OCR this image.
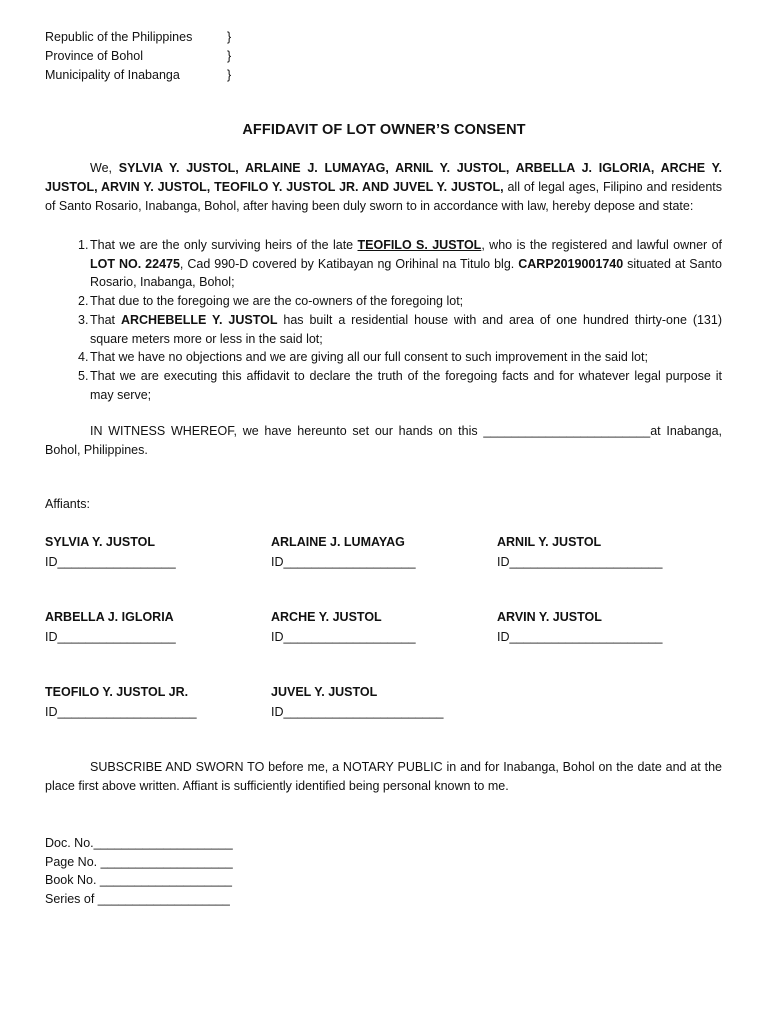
Republic of the Philippines	}
Province of Bohol	}
Municipality of Inabanga	}
AFFIDAVIT OF LOT OWNER’S CONSENT
We, SYLVIA Y. JUSTOL, ARLAINE J. LUMAYAG, ARNIL Y. JUSTOL, ARBELLA J. IGLORIA, ARCHE Y. JUSTOL, ARVIN Y. JUSTOL, TEOFILO Y. JUSTOL JR. AND JUVEL Y. JUSTOL, all of legal ages, Filipino and residents of Santo Rosario, Inabanga, Bohol, after having been duly sworn to in accordance with law, hereby depose and state:
1. That we are the only surviving heirs of the late TEOFILO S. JUSTOL, who is the registered and lawful owner of LOT NO. 22475, Cad 990-D covered by Katibayan ng Orihinal na Titulo blg. CARP2019001740 situated at Santo Rosario, Inabanga, Bohol;
2. That due to the foregoing we are the co-owners of the foregoing lot;
3. That ARCHEBELLE Y. JUSTOL has built a residential house with and area of one hundred thirty-one (131) square meters more or less in the said lot;
4. That we have no objections and we are giving all our full consent to such improvement in the said lot;
5. That we are executing this affidavit to declare the truth of the foregoing facts and for whatever legal purpose it may serve;
IN WITNESS WHEREOF, we have hereunto set our hands on this ________________________at Inabanga, Bohol, Philippines.
Affiants:
SYLVIA Y. JUSTOL
ID_________________
ARLAINE J. LUMAYAG
ID___________________
ARNIL Y. JUSTOL
ID______________________
ARBELLA J. IGLORIA
ID_________________
ARCHE Y. JUSTOL
ID___________________
ARVIN Y. JUSTOL
ID______________________
TEOFILO Y. JUSTOL JR.
ID____________________
JUVEL Y. JUSTOL
ID_______________________
SUBSCRIBE AND SWORN TO before me, a NOTARY PUBLIC in and for Inabanga, Bohol on the date and at the place first above written. Affiant is sufficiently identified being personal known to me.
Doc. No.____________________
Page No. ___________________
Book No. ___________________
Series of ___________________
